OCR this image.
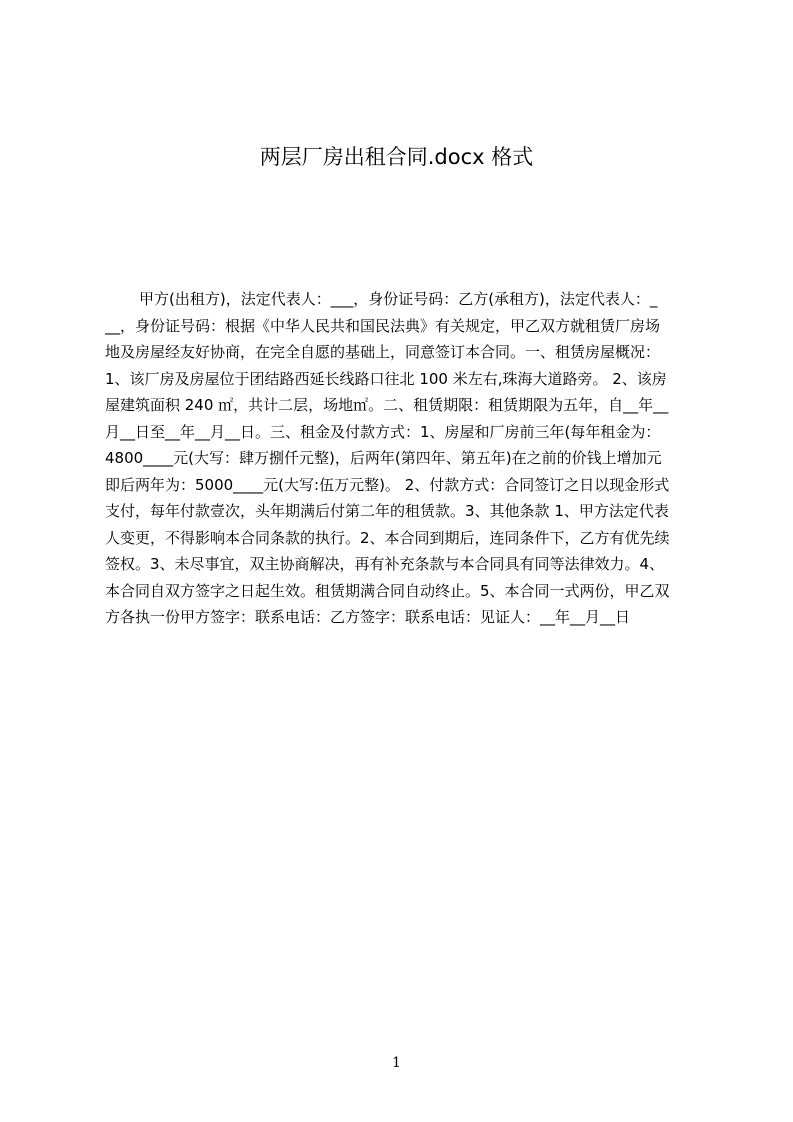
两层厂房出租合同.docx 格式
甲方(出租方)，法定代表人：___，身份证号码：乙方(承租方)，法定代表人：_
__，身份证号码：根据《中华人民共和国民法典》有关规定，甲乙双方就租赁厂房场
地及房屋经友好协商，在完全自愿的基础上，同意签订本合同。一、租赁房屋概况：
1、该厂房及房屋位于团结路西延长线路口往北 100 米左右,珠海大道路旁。 2、该房
屋建筑面积 240 ㎡，共计二层，场地㎡。二、租赁期限：租赁期限为五年，自__年__
月__日至__年__月__日。三、租金及付款方式：1、房屋和厂房前三年(每年租金为：
4800____元(大写：肆万捌仟元整)，后两年(第四年、第五年)在之前的价钱上增加元
即后两年为：5000____元(大写:伍万元整)。 2、付款方式：合同签订之日以现金形式
支付，每年付款壹次，头年期满后付第二年的租赁款。3、其他条款 1、甲方法定代表
人变更，不得影响本合同条款的执行。2、本合同到期后，连同条件下，乙方有优先续
签权。3、未尽事宜，双主协商解决，再有补充条款与本合同具有同等法律效力。4、
本合同自双方签字之日起生效。租赁期满合同自动终止。5、本合同一式两份，甲乙双
方各执一份甲方签字：联系电话：乙方签字：联系电话：见证人：__年__月__日
1
